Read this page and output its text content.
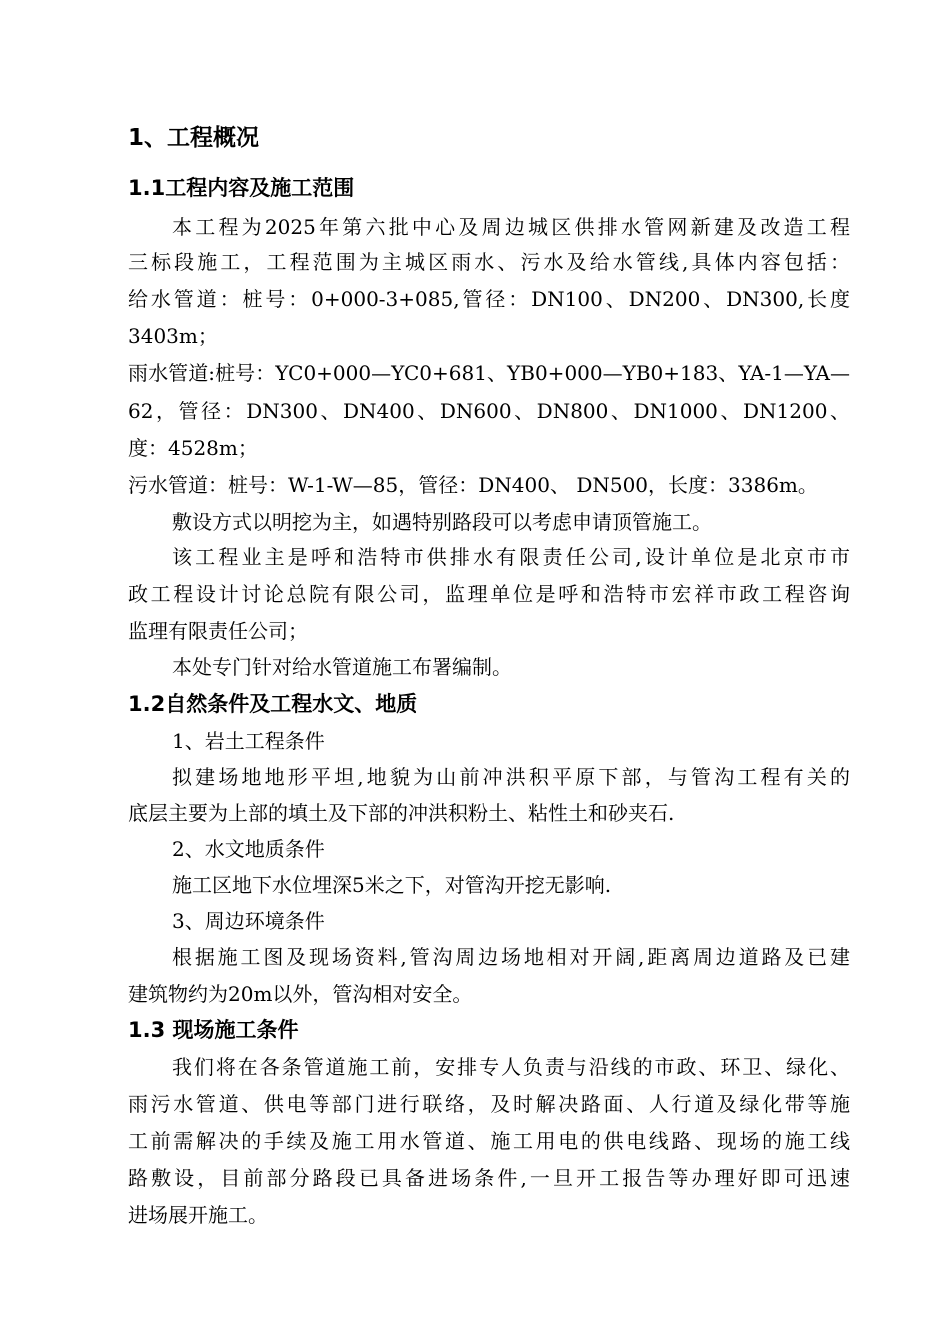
1、工程概况
1.1工程内容及施工范围
本工程为2025年第六批中心及周边城区供排水管网新建及改造工程
三标段施工，工程范围为主城区雨水、污水及给水管线,具体内容包括：
给水管道：桩号：0+000-3+085,管径：DN100、DN200、DN300,长度
3403m；
雨水管道:桩号：YC0+000—YC0+681、YB0+000—YB0+183、YA-1—YA—
62，管径：DN300、DN400、DN600、DN800、DN1000、DN1200、
度：4528m；
污水管道：桩号：W-1-W—85，管径：DN400、 DN500，长度：3386m。
敷设方式以明挖为主，如遇特别路段可以考虑申请顶管施工。
该工程业主是呼和浩特市供排水有限责任公司,设计单位是北京市市
政工程设计讨论总院有限公司，监理单位是呼和浩特市宏祥市政工程咨询
监理有限责任公司；
本处专门针对给水管道施工布署编制。
1.2自然条件及工程水文、地质
1、岩土工程条件
拟建场地地形平坦,地貌为山前冲洪积平原下部，与管沟工程有关的
底层主要为上部的填土及下部的冲洪积粉土、粘性土和砂夹石.
2、水文地质条件
施工区地下水位埋深5米之下，对管沟开挖无影响.
3、周边环境条件
根据施工图及现场资料,管沟周边场地相对开阔,距离周边道路及已建
建筑物约为20m以外，管沟相对安全。
1.3 现场施工条件
我们将在各条管道施工前，安排专人负责与沿线的市政、环卫、绿化、
雨污水管道、供电等部门进行联络，及时解决路面、人行道及绿化带等施
工前需解决的手续及施工用水管道、施工用电的供电线路、现场的施工线
路敷设，目前部分路段已具备进场条件,一旦开工报告等办理好即可迅速
进场展开施工。
